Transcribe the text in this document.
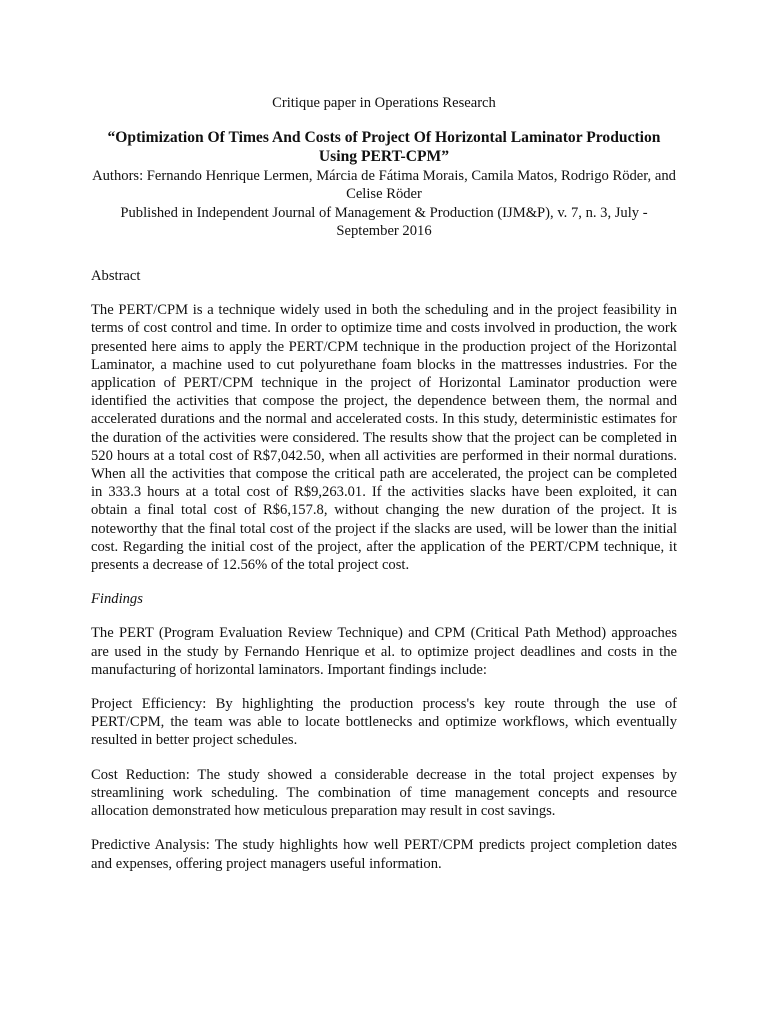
Critique paper in Operations Research

“Optimization Of Times And Costs of Project Of Horizontal Laminator Production Using PERT-CPM”

Authors: Fernando Henrique Lermen, Márcia de Fátima Morais, Camila Matos, Rodrigo Röder, and Celise Röder

Published in Independent Journal of Management & Production (IJM&P), v. 7, n. 3, July - September 2016

Abstract

The PERT/CPM is a technique widely used in both the scheduling and in the project feasibility in terms of cost control and time. In order to optimize time and costs involved in production, the work presented here aims to apply the PERT/CPM technique in the production project of the Horizontal Laminator, a machine used to cut polyurethane foam blocks in the mattresses industries. For the application of PERT/CPM technique in the project of Horizontal Laminator production were identified the activities that compose the project, the dependence between them, the normal and accelerated durations and the normal and accelerated costs. In this study, deterministic estimates for the duration of the activities were considered. The results show that the project can be completed in 520 hours at a total cost of R$7,042.50, when all activities are performed in their normal durations. When all the activities that compose the critical path are accelerated, the project can be completed in 333.3 hours at a total cost of R$9,263.01. If the activities slacks have been exploited, it can obtain a final total cost of R$6,157.8, without changing the new duration of the project. It is noteworthy that the final total cost of the project if the slacks are used, will be lower than the initial cost. Regarding the initial cost of the project, after the application of the PERT/CPM technique, it presents a decrease of 12.56% of the total project cost.

Findings

The PERT (Program Evaluation Review Technique) and CPM (Critical Path Method) approaches are used in the study by Fernando Henrique et al. to optimize project deadlines and costs in the manufacturing of horizontal laminators. Important findings include:

Project Efficiency: By highlighting the production process's key route through the use of PERT/CPM, the team was able to locate bottlenecks and optimize workflows, which eventually resulted in better project schedules.

Cost Reduction: The study showed a considerable decrease in the total project expenses by streamlining work scheduling. The combination of time management concepts and resource allocation demonstrated how meticulous preparation may result in cost savings.

Predictive Analysis: The study highlights how well PERT/CPM predicts project completion dates and expenses, offering project managers useful information.
